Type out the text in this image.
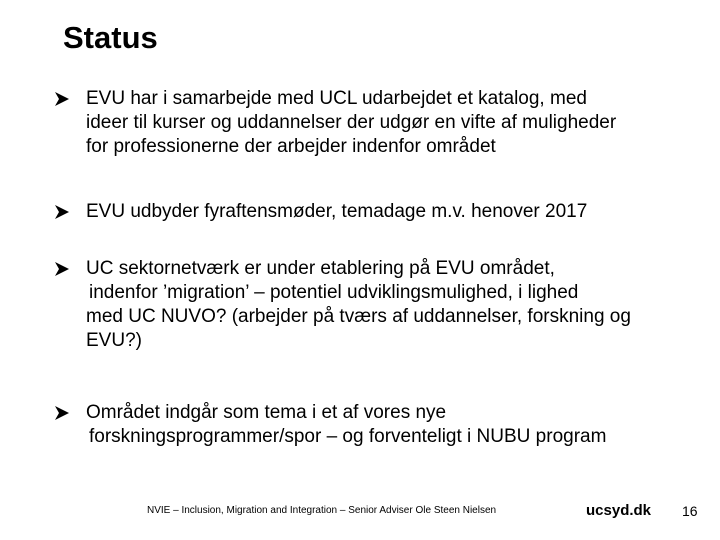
Status
EVU har i samarbejde med UCL udarbejdet et katalog, med
ideer til kurser og uddannelser der udgør en vifte af muligheder
for professionerne der arbejder indenfor området
EVU udbyder fyraftensmøder, temadage m.v. henover 2017
UC sektornetværk er under etablering på EVU området,
indenfor ’migration’ – potentiel udviklingsmulighed, i lighed
med UC NUVO? (arbejder på tværs af uddannelser, forskning og
EVU?)
Området indgår som tema i et af vores nye
forskningsprogrammer/spor – og forventeligt i NUBU program
NVIE – Inclusion, Migration and Integration – Senior Adviser Ole Steen Nielsen	ucsyd.dk 16
